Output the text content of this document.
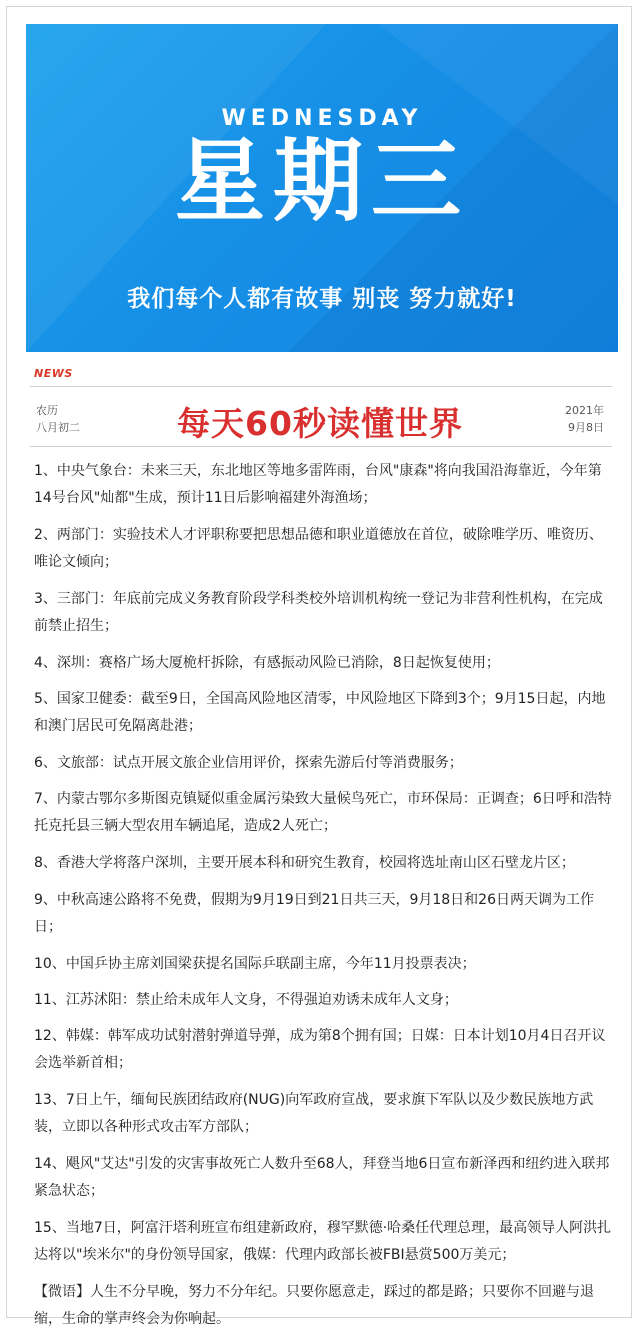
WEDNESDAY
星期三
我们每个人都有故事 别丧 努力就好!
NEWS
农历
八月初二	每天60秒读懂世界	2021年
9月8日
1、中央气象台：未来三天，东北地区等地多雷阵雨，台风"康森"将向我国沿海靠近，今年第14号台风"灿都"生成，预计11日后影响福建外海渔场；
2、两部门：实验技术人才评职称要把思想品德和职业道德放在首位，破除唯学历、唯资历、唯论文倾向；
3、三部门：年底前完成义务教育阶段学科类校外培训机构统一登记为非营利性机构，在完成前禁止招生；
4、深圳：赛格广场大厦桅杆拆除，有感振动风险已消除，8日起恢复使用；
5、国家卫健委：截至9日，全国高风险地区清零，中风险地区下降到3个；9月15日起，内地和澳门居民可免隔离赴港；
6、文旅部：试点开展文旅企业信用评价，探索先游后付等消费服务；
7、内蒙古鄂尔多斯图克镇疑似重金属污染致大量候鸟死亡，市环保局：正调查；6日呼和浩特托克托县三辆大型农用车辆追尾，造成2人死亡；
8、香港大学将落户深圳，主要开展本科和研究生教育，校园将选址南山区石壁龙片区；
9、中秋高速公路将不免费，假期为9月19日到21日共三天，9月18日和26日两天调为工作日；
10、中国乒协主席刘国梁获提名国际乒联副主席，今年11月投票表决；
11、江苏沭阳：禁止给未成年人文身，不得强迫劝诱未成年人文身；
12、韩媒：韩军成功试射潜射弹道导弹，成为第8个拥有国；日媒：日本计划10月4日召开议会选举新首相；
13、7日上午，缅甸民族团结政府(NUG)向军政府宣战，要求旗下军队以及少数民族地方武装，立即以各种形式攻击军方部队；
14、飓风"艾达"引发的灾害事故死亡人数升至68人，拜登当地6日宣布新泽西和纽约进入联邦紧急状态；
15、当地7日，阿富汗塔利班宣布组建新政府，穆罕默德·哈桑任代理总理，最高领导人阿洪扎达将以"埃米尔"的身份领导国家，俄媒：代理内政部长被FBI悬赏500万美元；
【微语】人生不分早晚，努力不分年纪。只要你愿意走，踩过的都是路；只要你不回避与退缩，生命的掌声终会为你响起。
